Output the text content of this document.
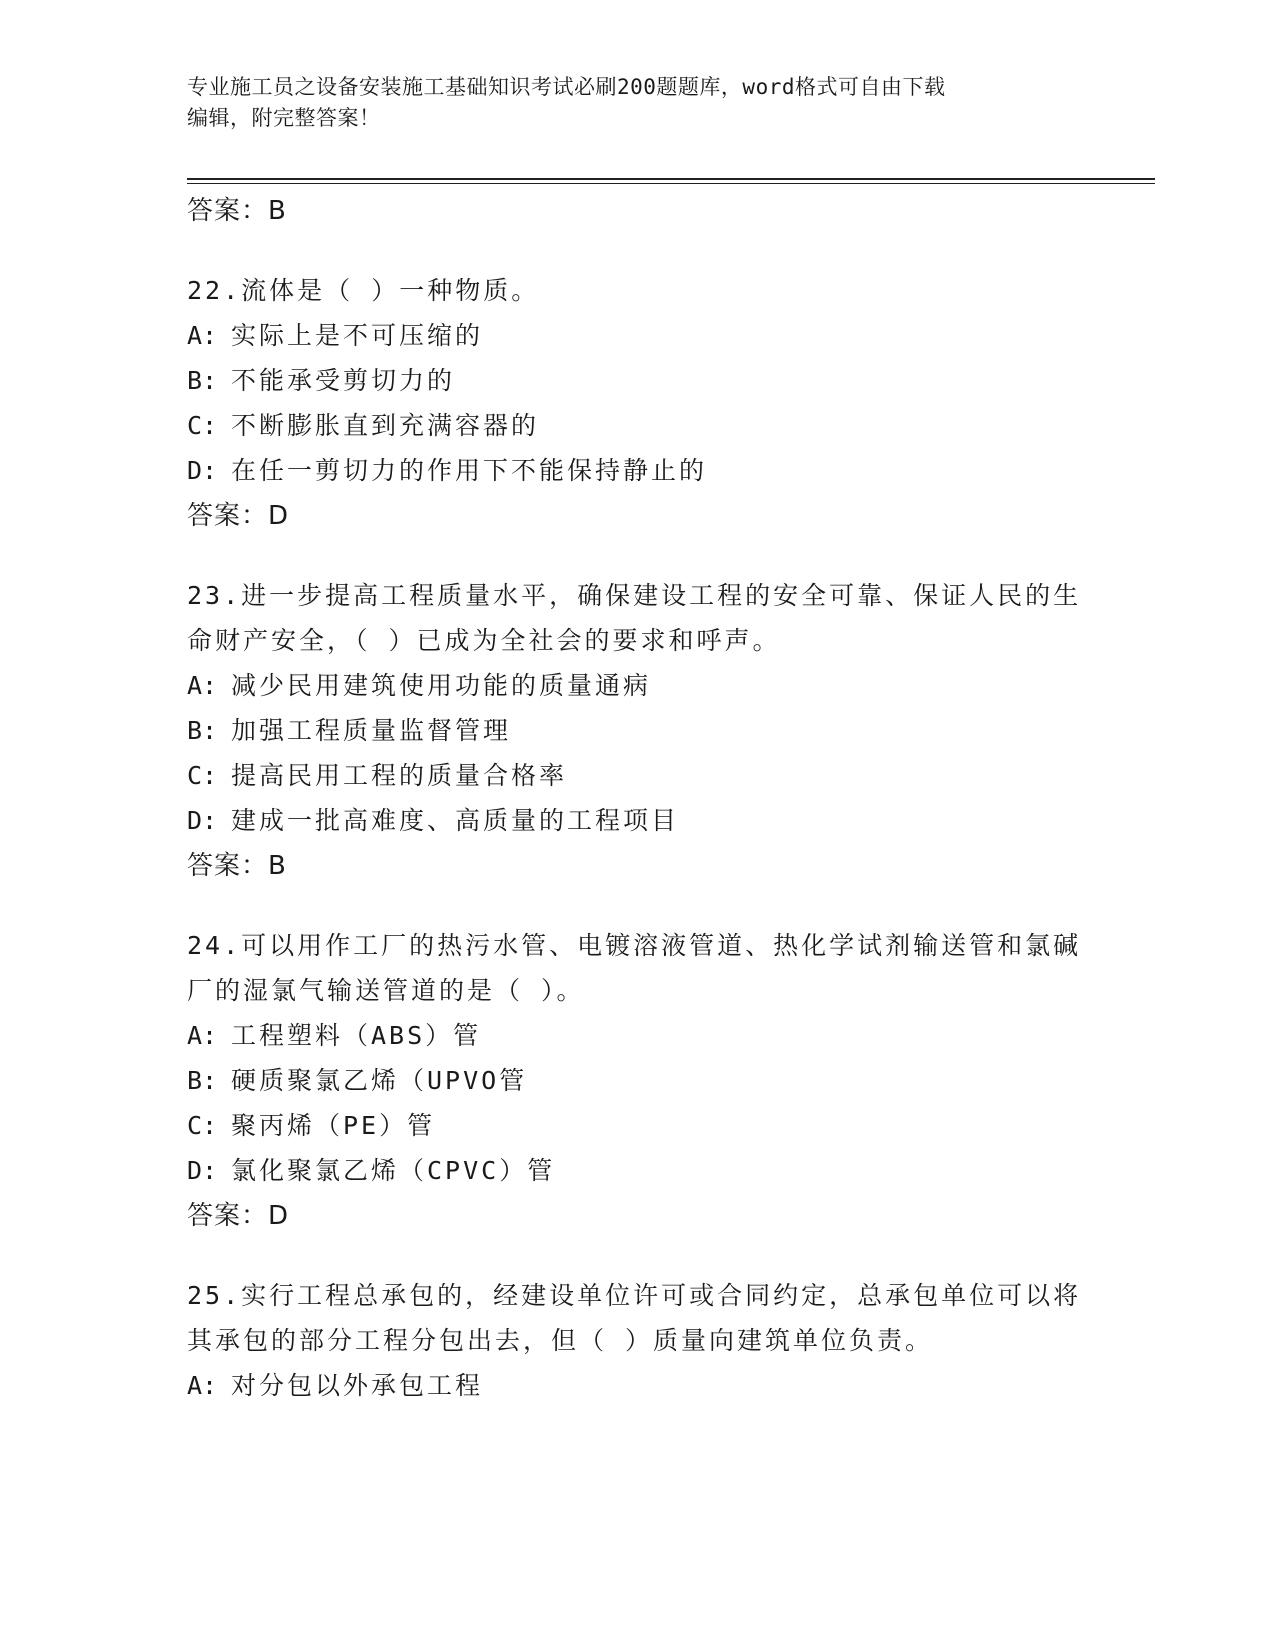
专业施工员之设备安装施工基础知识考试必刷200题题库，word格式可自由下载
编辑，附完整答案！
答案：B
22.流体是（ ）一种物质。
A: 实际上是不可压缩的
B: 不能承受剪切力的
C: 不断膨胀直到充满容器的
D: 在任一剪切力的作用下不能保持静止的
答案：D
23.进一步提高工程质量水平，确保建设工程的安全可靠、保证人民的生命财产安全，（ ）已成为全社会的要求和呼声。
A: 减少民用建筑使用功能的质量通病
B: 加强工程质量监督管理
C: 提高民用工程的质量合格率
D: 建成一批高难度、高质量的工程项目
答案：B
24.可以用作工厂的热污水管、电镀溶液管道、热化学试剂输送管和氯碱厂的湿氯气输送管道的是（ ）。
A: 工程塑料（ABS）管
B: 硬质聚氯乙烯（UPVO管
C: 聚丙烯（PE）管
D: 氯化聚氯乙烯（CPVC）管
答案：D
25.实行工程总承包的，经建设单位许可或合同约定，总承包单位可以将其承包的部分工程分包出去，但（ ）质量向建筑单位负责。
A: 对分包以外承包工程
